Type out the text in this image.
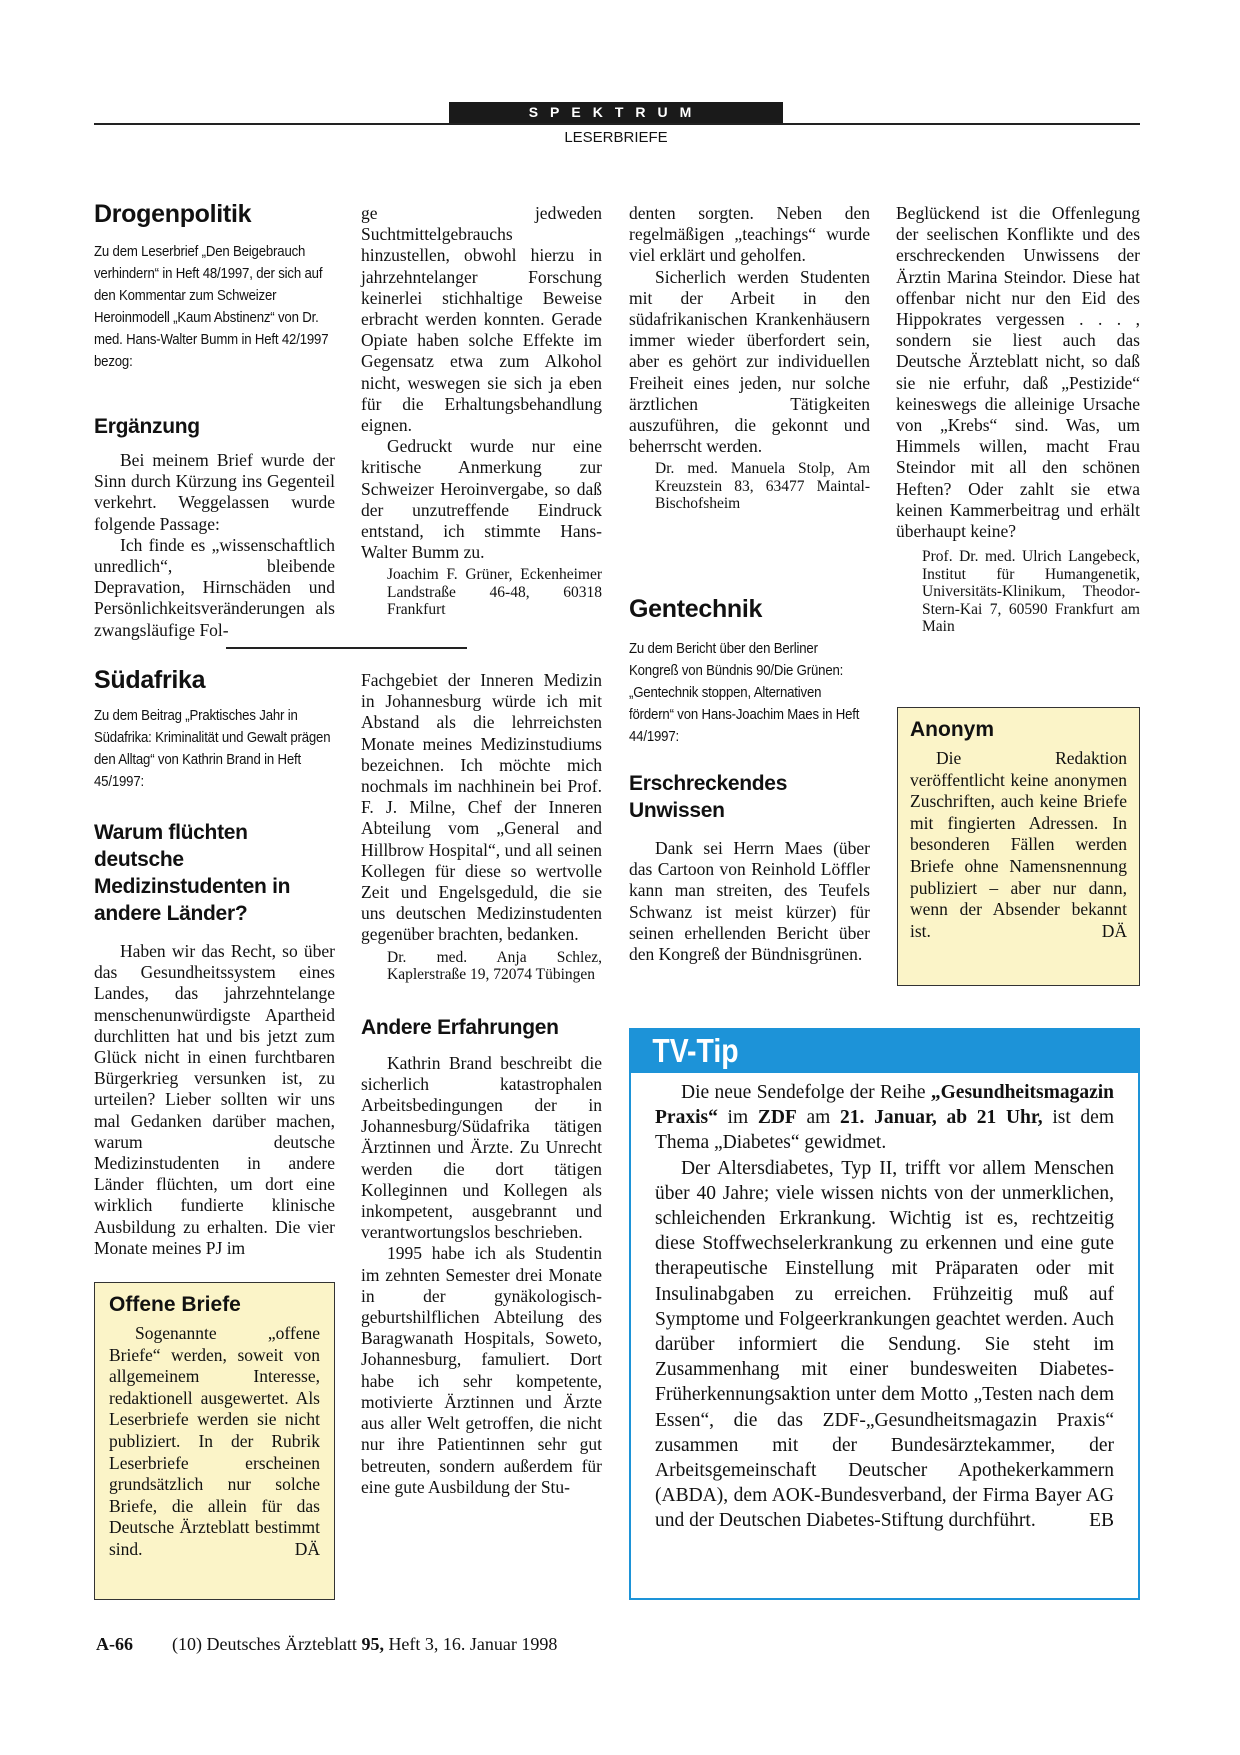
SPEKTRUM
LESERBRIEFE
Drogenpolitik
Zu dem Leserbrief „Den Beigebrauch verhindern“ in Heft 48/1997, der sich auf den Kommentar zum Schweizer Heroinmodell „Kaum Abstinenz“ von Dr. med. Hans-Walter Bumm in Heft 42/1997 bezog:
Ergänzung

Bei meinem Brief wurde der Sinn durch Kürzung ins Gegenteil verkehrt. Weggelassen wurde folgende Passage:

Ich finde es „wissenschaftlich unredlich“, bleibende Depravation, Hirnschäden und Persönlichkeitsveränderungen als zwangsläufige Fol-

Südafrika
Zu dem Beitrag „Praktisches Jahr in Südafrika: Kriminalität und Gewalt prägen den Alltag“ von Kathrin Brand in Heft 45/1997:
Warum flüchten deutsche Medizinstudenten in andere Länder?

Haben wir das Recht, so über das Gesundheitssystem eines Landes, das jahrzehntelange menschenunwürdigste Apartheid durchlitten hat und bis jetzt zum Glück nicht in einen furchtbaren Bürgerkrieg versunken ist, zu urteilen? Lieber sollten wir uns mal Gedanken darüber machen, warum deutsche Medizinstudenten in andere Länder flüchten, um dort eine wirklich fundierte klinische Ausbildung zu erhalten. Die vier Monate meines PJ im

Offene Briefe
Sogenannte „offene Briefe“ werden, soweit von allgemeinem Interesse, redaktionell ausgewertet. Als Leserbriefe werden sie nicht publiziert. In der Rubrik Leserbriefe erscheinen grundsätzlich nur solche Briefe, die allein für das Deutsche Ärzteblatt bestimmt sind.	DÄ

ge jedweden Suchtmittelgebrauchs hinzustellen, obwohl hierzu in jahrzehntelanger Forschung keinerlei stichhaltige Beweise erbracht werden konnten. Gerade Opiate haben solche Effekte im Gegensatz etwa zum Alkohol nicht, weswegen sie sich ja eben für die Erhaltungsbehandlung eignen.

Gedruckt wurde nur eine kritische Anmerkung zur Schweizer Heroinvergabe, so daß der unzutreffende Eindruck entstand, ich stimmte Hans-Walter Bumm zu.

Joachim F. Grüner, Eckenheimer Landstraße 46-48, 60318 Frankfurt

Fachgebiet der Inneren Medizin in Johannesburg würde ich mit Abstand als die lehrreichsten Monate meines Medizinstudiums bezeichnen. Ich möchte mich nochmals im nachhinein bei Prof. F. J. Milne, Chef der Inneren Abteilung vom „General and Hillbrow Hospital“, und all seinen Kollegen für diese so wertvolle Zeit und Engelsgeduld, die sie uns deutschen Medizinstudenten gegenüber brachten, bedanken.

Dr. med. Anja Schlez, Kaplerstraße 19, 72074 Tübingen
Andere Erfahrungen

Kathrin Brand beschreibt die sicherlich katastrophalen Arbeitsbedingungen der in Johannesburg/Südafrika tätigen Ärztinnen und Ärzte. Zu Unrecht werden die dort tätigen Kolleginnen und Kollegen als inkompetent, ausgebrannt und verantwortungslos beschrieben.

1995 habe ich als Studentin im zehnten Semester drei Monate in der gynäkologisch-geburtshilflichen Abteilung des Baragwanath Hospitals, Soweto, Johannesburg, famuliert. Dort habe ich sehr kompetente, motivierte Ärztinnen und Ärzte aus aller Welt getroffen, die nicht nur ihre Patientinnen sehr gut betreuten, sondern außerdem für eine gute Ausbildung der Stu-

denten sorgten. Neben den regelmäßigen „teachings“ wurde viel erklärt und geholfen.

Sicherlich werden Studenten mit der Arbeit in den südafrikanischen Krankenhäusern immer wieder überfordert sein, aber es gehört zur individuellen Freiheit eines jeden, nur solche ärztlichen Tätigkeiten auszuführen, die gekonnt und beherrscht werden.

Dr. med. Manuela Stolp, Am Kreuzstein 83, 63477 Maintal-Bischofsheim
Gentechnik
Zu dem Bericht über den Berliner Kongreß von Bündnis 90/Die Grünen: „Gentechnik stoppen, Alternativen fördern“ von Hans-Joachim Maes in Heft 44/1997:
Erschreckendes Unwissen

Dank sei Herrn Maes (über das Cartoon von Reinhold Löffler kann man streiten, des Teufels Schwanz ist meist kürzer) für seinen erhellenden Bericht über den Kongreß der Bündnisgrünen.

Beglückend ist die Offenlegung der seelischen Konflikte und des erschreckenden Unwissens der Ärztin Marina Steindor. Diese hat offenbar nicht nur den Eid des Hippokrates vergessen . . . , sondern sie liest auch das Deutsche Ärzteblatt nicht, so daß sie nie erfuhr, daß „Pestizide“ keineswegs die alleinige Ursache von „Krebs“ sind. Was, um Himmels willen, macht Frau Steindor mit all den schönen Heften? Oder zahlt sie etwa keinen Kammerbeitrag und erhält überhaupt keine?

Prof. Dr. med. Ulrich Langebeck, Institut für Humangenetik, Universitäts-Klinikum, Theodor-Stern-Kai 7, 60590 Frankfurt am Main
Anonym
Die Redaktion veröffentlicht keine anonymen Zuschriften, auch keine Briefe mit fingierten Adressen. In besonderen Fällen werden Briefe ohne Namensnennung publiziert – aber nur dann, wenn der Absender bekannt ist.	DÄ
TV-Tip

Die neue Sendefolge der Reihe „Gesundheitsmagazin Praxis“ im ZDF am 21. Januar, ab 21 Uhr, ist dem Thema „Diabetes“ gewidmet.

Der Altersdiabetes, Typ II, trifft vor allem Menschen über 40 Jahre; viele wissen nichts von der unmerklichen, schleichenden Erkrankung. Wichtig ist es, rechtzeitig diese Stoffwechselerkrankung zu erkennen und eine gute therapeutische Einstellung mit Präparaten oder mit Insulinabgaben zu erreichen. Frühzeitig muß auf Symptome und Folgeerkrankungen geachtet werden. Auch darüber informiert die Sendung. Sie steht im Zusammenhang mit einer bundesweiten Diabetes-Früherkennungsaktion unter dem Motto „Testen nach dem Essen“, die das ZDF-„Gesundheitsmagazin Praxis“ zusammen mit der Bundesärztekammer, der Arbeitsgemeinschaft Deutscher Apothekerkammern (ABDA), dem AOK-Bundesverband, der Firma Bayer AG und der Deutschen Diabetes-Stiftung durchführt.	EB

A-66 (10) Deutsches Ärzteblatt 95, Heft 3, 16. Januar 1998
